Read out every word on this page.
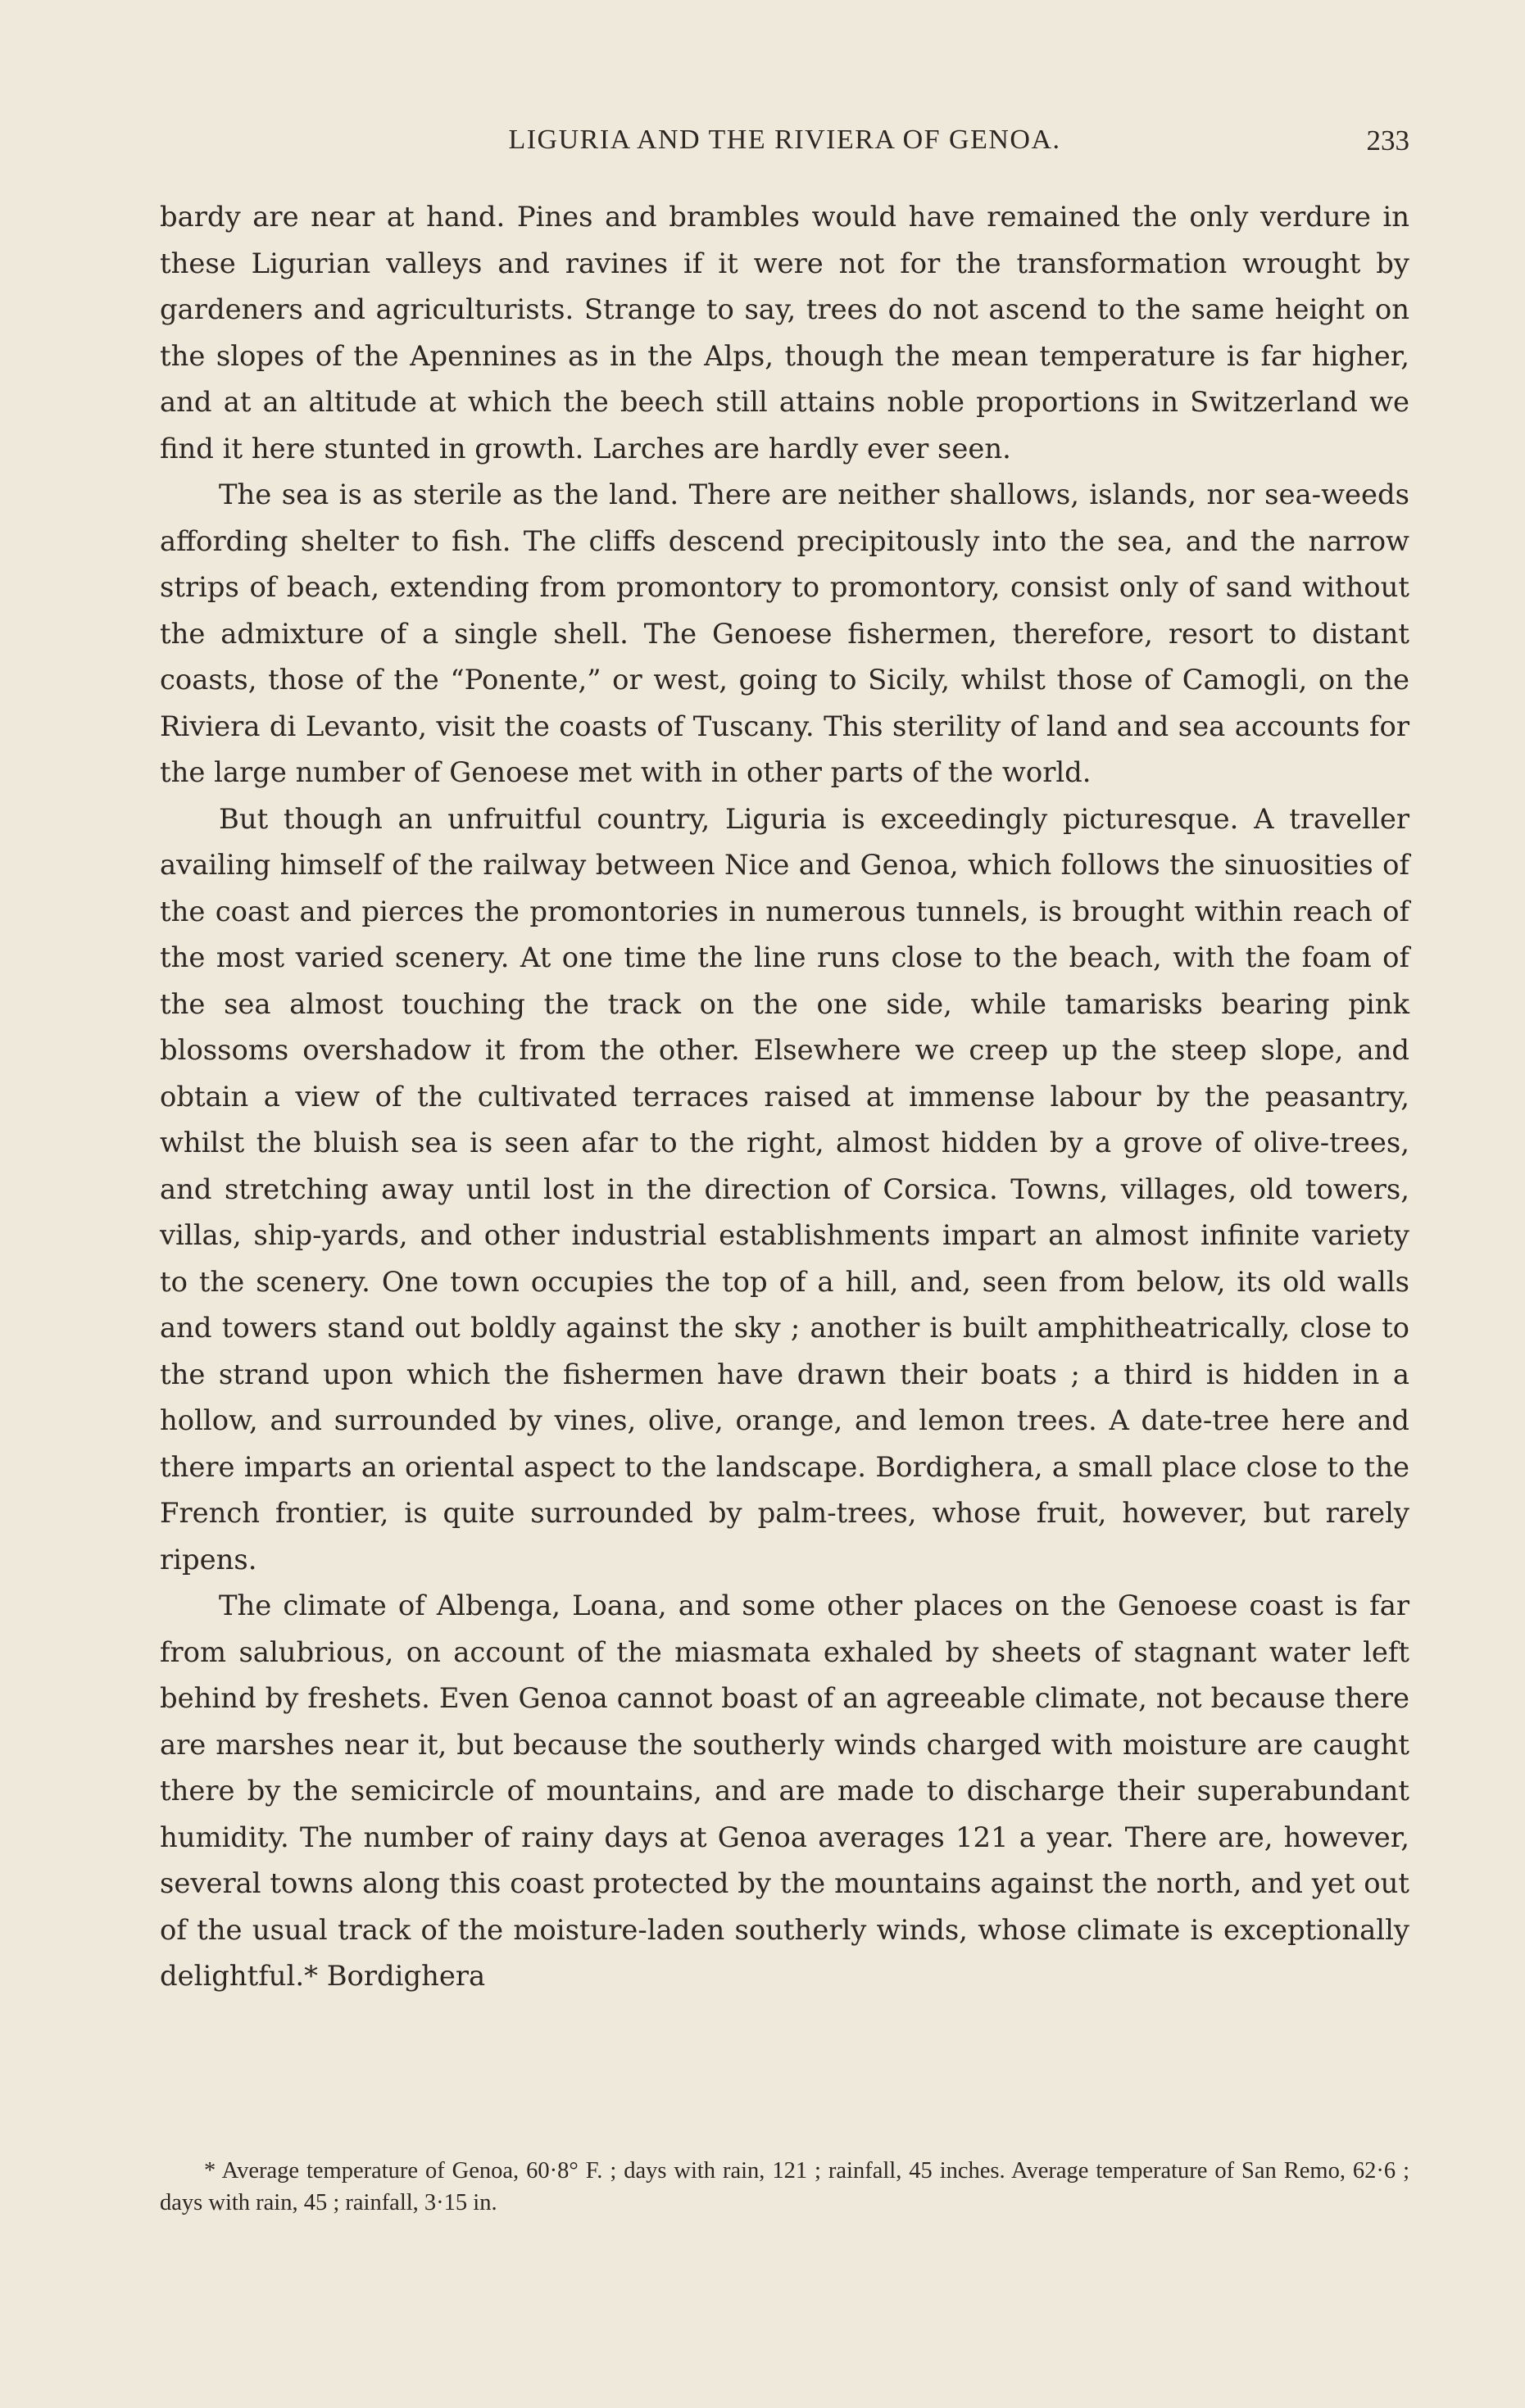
LIGURIA AND THE RIVIERA OF GENOA.	233

bardy are near at hand. Pines and brambles would have remained the only verdure in these Ligurian valleys and ravines if it were not for the transformation wrought by gardeners and agriculturists. Strange to say, trees do not ascend to the same height on the slopes of the Apennines as in the Alps, though the mean temperature is far higher, and at an altitude at which the beech still attains noble proportions in Switzerland we find it here stunted in growth. Larches are hardly ever seen.

The sea is as sterile as the land. There are neither shallows, islands, nor sea-weeds affording shelter to fish. The cliffs descend precipitously into the sea, and the narrow strips of beach, extending from promontory to promontory, consist only of sand without the admixture of a single shell. The Genoese fishermen, therefore, resort to distant coasts, those of the “Ponente,” or west, going to Sicily, whilst those of Camogli, on the Riviera di Levanto, visit the coasts of Tuscany. This sterility of land and sea accounts for the large number of Genoese met with in other parts of the world.

But though an unfruitful country, Liguria is exceedingly picturesque. A traveller availing himself of the railway between Nice and Genoa, which follows the sinuosities of the coast and pierces the promontories in numerous tunnels, is brought within reach of the most varied scenery. At one time the line runs close to the beach, with the foam of the sea almost touching the track on the one side, while tamarisks bearing pink blossoms overshadow it from the other. Elsewhere we creep up the steep slope, and obtain a view of the cultivated terraces raised at immense labour by the peasantry, whilst the bluish sea is seen afar to the right, almost hidden by a grove of olive-trees, and stretching away until lost in the direction of Corsica. Towns, villages, old towers, villas, ship-yards, and other industrial establishments impart an almost infinite variety to the scenery. One town occupies the top of a hill, and, seen from below, its old walls and towers stand out boldly against the sky ; another is built amphitheatrically, close to the strand upon which the fishermen have drawn their boats ; a third is hidden in a hollow, and surrounded by vines, olive, orange, and lemon trees. A date-tree here and there imparts an oriental aspect to the landscape. Bordighera, a small place close to the French frontier, is quite surrounded by palm-trees, whose fruit, however, but rarely ripens.

The climate of Albenga, Loana, and some other places on the Genoese coast is far from salubrious, on account of the miasmata exhaled by sheets of stagnant water left behind by freshets. Even Genoa cannot boast of an agreeable climate, not because there are marshes near it, but because the southerly winds charged with moisture are caught there by the semicircle of mountains, and are made to discharge their superabundant humidity. The number of rainy days at Genoa averages 121 a year. There are, however, several towns along this coast protected by the mountains against the north, and yet out of the usual track of the moisture-laden southerly winds, whose climate is exceptionally delightful.* Bordighera

* Average temperature of Genoa, 60·8° F. ; days with rain, 121 ; rainfall, 45 inches. Average temperature of San Remo, 62·6 ; days with rain, 45 ; rainfall, 3·15 in.
